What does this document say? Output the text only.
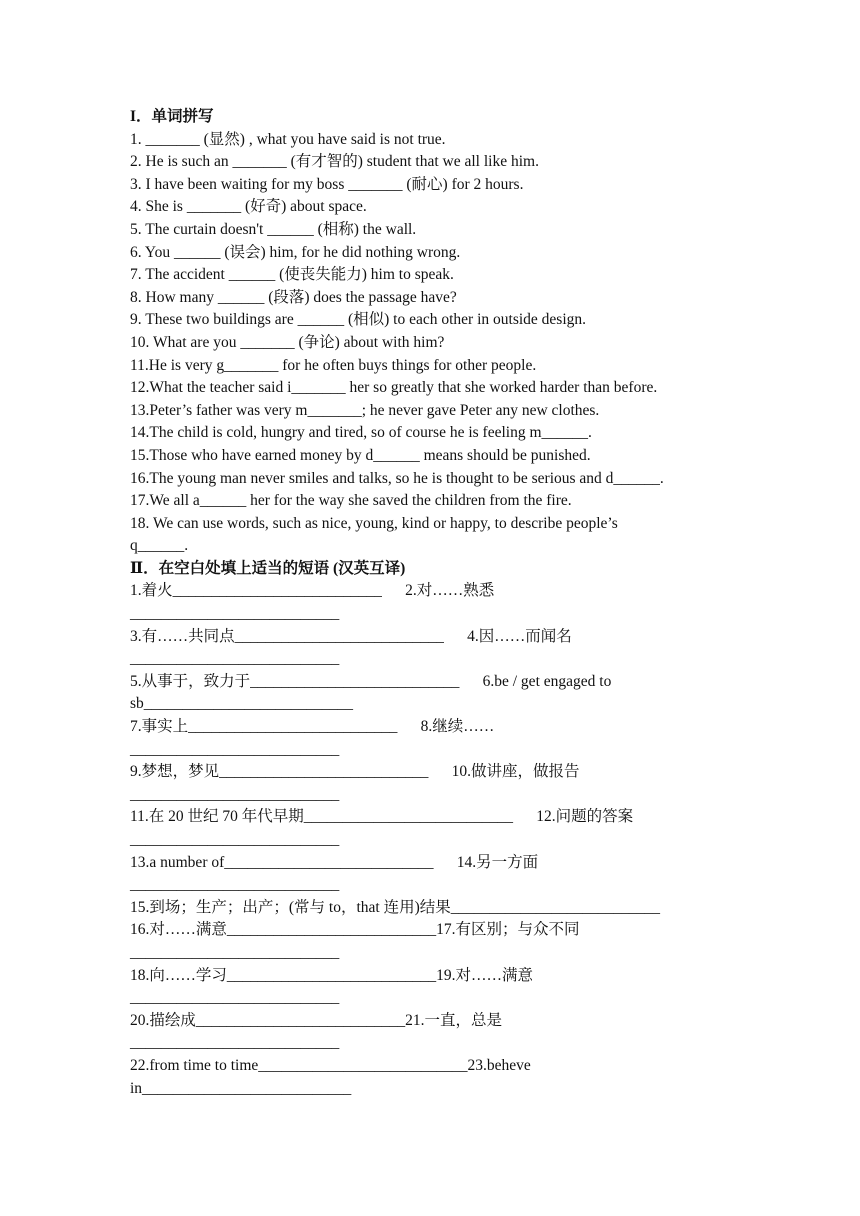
I．单词拼写
1. _______ (显然) , what you have said is not true.
2. He is such an _______ (有才智的) student that we all like him.
3. I have been waiting for my boss _______ (耐心) for 2 hours.
4. She is _______ (好奇) about space.
5. The curtain doesn't ______ (相称) the wall.
6. You ______ (误会) him, for he did nothing wrong.
7. The accident ______ (使丧失能力) him to speak.
8. How many ______ (段落) does the passage have?
9. These two buildings are ______ (相似) to each other in outside design.
10. What are you _______ (争论) about with him?
11.He is very g_______ for he often buys things for other people.
12.What the teacher said i_______ her so greatly that she worked harder than before.
13.Peter’s father was very m_______; he never gave Peter any new clothes.
14.The child is cold, hungry and tired, so of course he is feeling m______.
15.Those who have earned money by d______ means should be punished.
16.The young man never smiles and talks, so he is thought to be serious and d______.
17.We all a______ her for the way she saved the children from the fire.
18. We can use words, such as nice, young, kind or happy, to describe people’s
q______.
Ⅱ．在空白处填上适当的短语 (汉英互译)
1.着火___________________________      2.对……熟悉
___________________________
3.有……共同点___________________________      4.因……而闻名
___________________________
5.从事于，致力于___________________________      6.be / get engaged to
sb___________________________
7.事实上___________________________      8.继续……
___________________________
9.梦想，梦见___________________________      10.做讲座，做报告
___________________________
11.在 20 世纪 70 年代早期___________________________      12.问题的答案
___________________________
13.a number of___________________________      14.另一方面
___________________________
15.到场；生产；出产；(常与 to，that 连用)结果___________________________
16.对……满意___________________________17.有区别；与众不同
___________________________
18.向……学习___________________________19.对……满意
___________________________
20.描绘成___________________________21.一直，总是
___________________________
22.from time to time___________________________23.beheve
in___________________________
